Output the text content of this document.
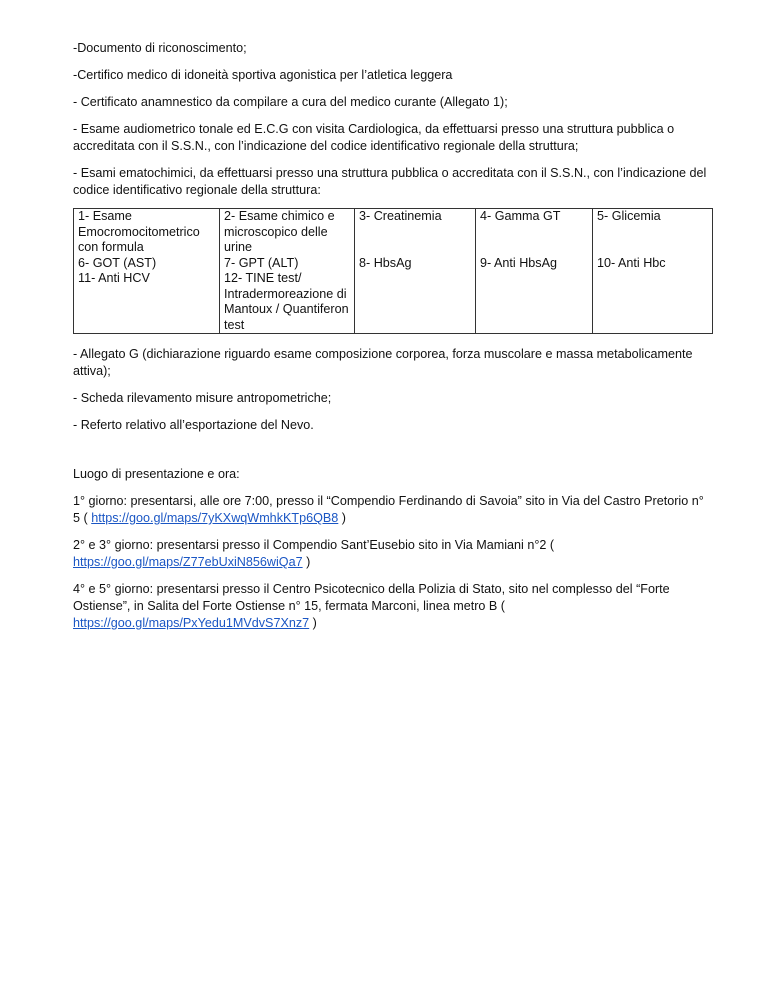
-Documento di riconoscimento;

-Certifico medico di idoneità sportiva agonistica per l’atletica leggera

- Certificato anamnestico da compilare a cura del medico curante (Allegato 1);

- Esame audiometrico tonale ed E.C.G con visita Cardiologica, da effettuarsi presso una struttura pubblica o accreditata con il S.S.N., con l’indicazione del codice identificativo regionale della struttura;

- Esami ematochimici, da effettuarsi presso una struttura pubblica o accreditata con il S.S.N., con l’indicazione del codice identificativo regionale della struttura:

1- Esame Emocromocitometrico con formula	2- Esame chimico e microscopico delle urine	3- Creatinemia	4- Gamma GT	5- Glicemia
6- GOT (AST)	7- GPT (ALT)	8- HbsAg	9- Anti HbsAg	10- Anti Hbc
11- Anti HCV	12- TINE test/ Intradermoreazione di Mantoux / Quantiferon test			

- Allegato G (dichiarazione riguardo esame composizione corporea, forza muscolare e massa metabolicamente attiva);

- Scheda rilevamento misure antropometriche;

- Referto relativo all’esportazione del Nevo.

Luogo di presentazione e ora:

1° giorno: presentarsi, alle ore 7:00, presso il “Compendio Ferdinando di Savoia” sito in Via del Castro Pretorio n° 5 ( https://goo.gl/maps/7yKXwqWmhkKTp6QB8 )

2° e 3° giorno: presentarsi presso il Compendio Sant’Eusebio sito in Via Mamiani n°2 ( https://goo.gl/maps/Z77ebUxiN856wiQa7 )

4° e 5° giorno: presentarsi presso il Centro Psicotecnico della Polizia di Stato, sito nel complesso del “Forte Ostiense”, in Salita del Forte Ostiense n° 15, fermata Marconi, linea metro B ( https://goo.gl/maps/PxYedu1MVdvS7Xnz7 )
